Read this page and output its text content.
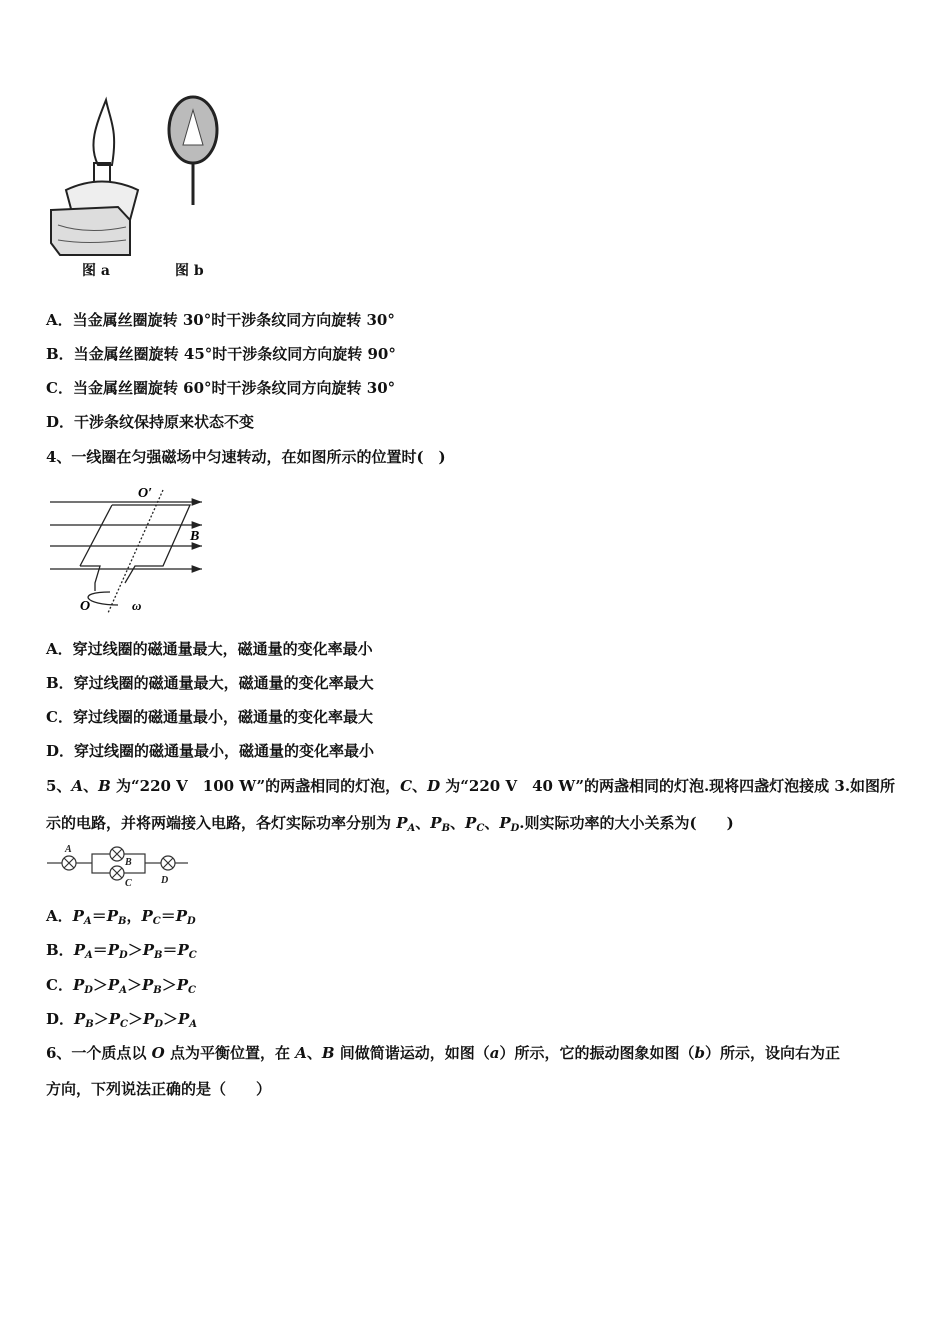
图 a	图 b
A．当金属丝圈旋转 30°时干涉条纹同方向旋转 30°
B．当金属丝圈旋转 45°时干涉条纹同方向旋转 90°
C．当金属丝圈旋转 60°时干涉条纹同方向旋转 30°
D．干涉条纹保持原来状态不变
4、一线圈在匀强磁场中匀速转动，在如图所示的位置时(　)
O′
B
O	ω
A．穿过线圈的磁通量最大，磁通量的变化率最小
B．穿过线圈的磁通量最大，磁通量的变化率最大
C．穿过线圈的磁通量最小，磁通量的变化率最大
D．穿过线圈的磁通量最小，磁通量的变化率最小
5、A、B 为“220 V　100 W”的两盏相同的灯泡，C、D 为“220 V　40 W”的两盏相同的灯泡.现将四盏灯泡接成 3.如图所
示的电路，并将两端接入电路，各灯实际功率分别为 $P_A$、$P_B$、$P_C$、$P_D$.则实际功率的大小关系为(　　)
A
B
C	D
A．$P_A=P_B$，$P_C=P_D$
B．$P_A=P_D>P_B=P_C$
C．$P_D>P_A>P_B>P_C$
D．$P_B>P_C>P_D>P_A$
6、一个质点以 O 点为平衡位置，在 A、B 间做简谐运动，如图（a）所示，它的振动图象如图（b）所示，设向右为正
方向，下列说法正确的是（　　）
